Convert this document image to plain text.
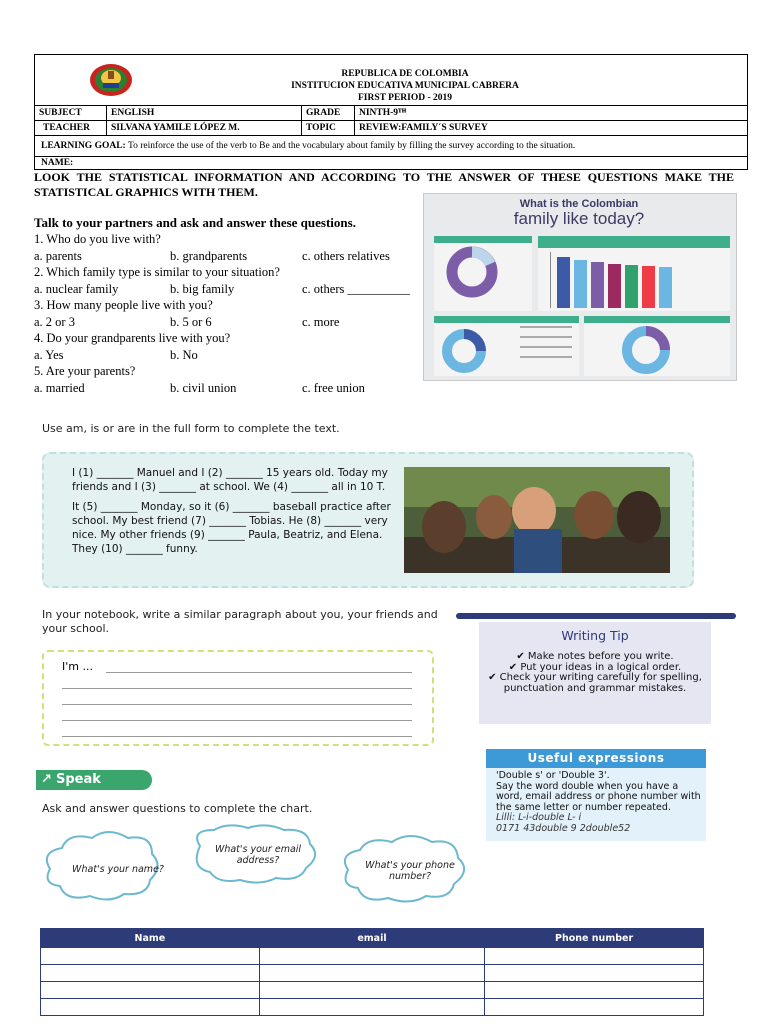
REPUBLICA DE COLOMBIA
INSTITUCION EDUCATIVA MUNICIPAL CABRERA
FIRST PERIOD - 2019
SUBJECT	ENGLISH	GRADE	NINTH-9ᵀᴴ
TEACHER	SILVANA YAMILE LÓPEZ M.	TOPIC	REVIEW:FAMILY´S SURVEY
LEARNING GOAL: To reinforce the use of the verb to Be and the vocabulary about family by filling the survey according to the situation.
NAME:
LOOK THE STATISTICAL INFORMATION AND ACCORDING TO THE ANSWER OF THESE QUESTIONS MAKE THE
STATISTICAL GRAPHICS WITH THEM.
Talk to your partners and ask and answer these questions.
1. Who do you live with?
a. parents	b. grandparents	c. others relatives
2. Which family type is similar to your situation?
a. nuclear family	b. big family	c. others __________
3. How many people live with you?
a. 2 or 3	b. 5 or 6	c. more
4. Do your grandparents live with you?
a. Yes	b. No
5. Are your parents?
a. married	b. civil union	c. free union
What is the Colombian
family like today?
Use am, is or are in the full form to complete the text.

I (1) _______ Manuel and I (2) _______ 15 years old. Today my friends and I (3) _______ at school. We (4) _______ all in 10 T.

It (5) _______ Monday, so it (6) _______ baseball practice after school. My best friend (7) _______ Tobias. He (8) _______ very nice. My other friends (9) _______ Paula, Beatriz, and Elena. They (10) _______ funny.

In your notebook, write a similar paragraph about you, your friends and your school.
I'm ...
Writing Tip
✔ Make notes before you write.
✔ Put your ideas in a logical order.
✔ Check your writing carefully for spelling, punctuation and grammar mistakes.
Useful expressions
'Double s' or 'Double 3'.
Say the word double when you have a word, email address or phone number with the same letter or number repeated.
Lilli: L-i-double L- i
0171 43double 9 2double52
↗ Speak
Ask and answer questions to complete the chart.
What's your name?
What's your email address?	What's your phone number?
Name	email	Phone number
